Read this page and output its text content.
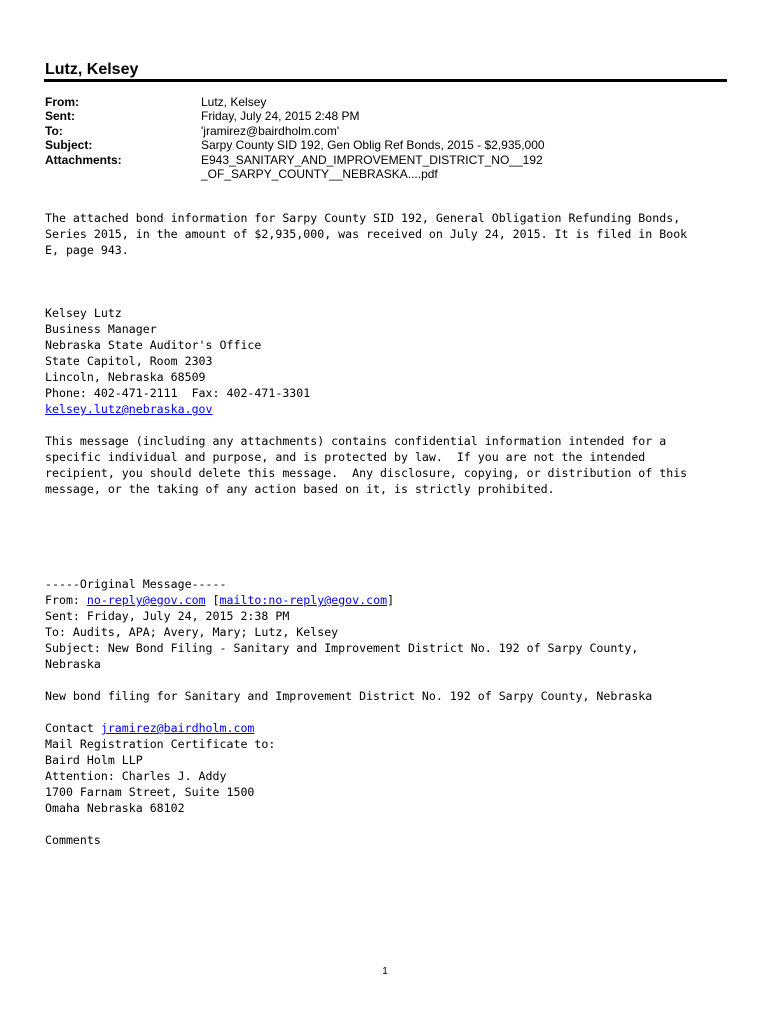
Lutz, Kelsey
From:	Lutz, Kelsey
Sent:	Friday, July 24, 2015 2:48 PM
To:	'jramirez@bairdholm.com'
Subject:	Sarpy County SID 192, Gen Oblig Ref Bonds, 2015 - $2,935,000
Attachments:	E943_SANITARY_AND_IMPROVEMENT_DISTRICT_NO__192
_OF_SARPY_COUNTY__NEBRASKA....pdf
The attached bond information for Sarpy County SID 192, General Obligation Refunding Bonds,
Series 2015, in the amount of $2,935,000, was received on July 24, 2015. It is filed in Book
E, page 943.
Kelsey Lutz
Business Manager
Nebraska State Auditor's Office
State Capitol, Room 2303
Lincoln, Nebraska 68509
Phone: 402-471-2111  Fax: 402-471-3301
kelsey.lutz@nebraska.gov
This message (including any attachments) contains confidential information intended for a
specific individual and purpose, and is protected by law.  If you are not the intended
recipient, you should delete this message.  Any disclosure, copying, or distribution of this
message, or the taking of any action based on it, is strictly prohibited.
-----Original Message-----
From: no-reply@egov.com [mailto:no-reply@egov.com]
Sent: Friday, July 24, 2015 2:38 PM
To: Audits, APA; Avery, Mary; Lutz, Kelsey
Subject: New Bond Filing - Sanitary and Improvement District No. 192 of Sarpy County,
Nebraska

New bond filing for Sanitary and Improvement District No. 192 of Sarpy County, Nebraska

Contact jramirez@bairdholm.com
Mail Registration Certificate to:
Baird Holm LLP
Attention: Charles J. Addy
1700 Farnam Street, Suite 1500
Omaha Nebraska 68102

Comments
1
